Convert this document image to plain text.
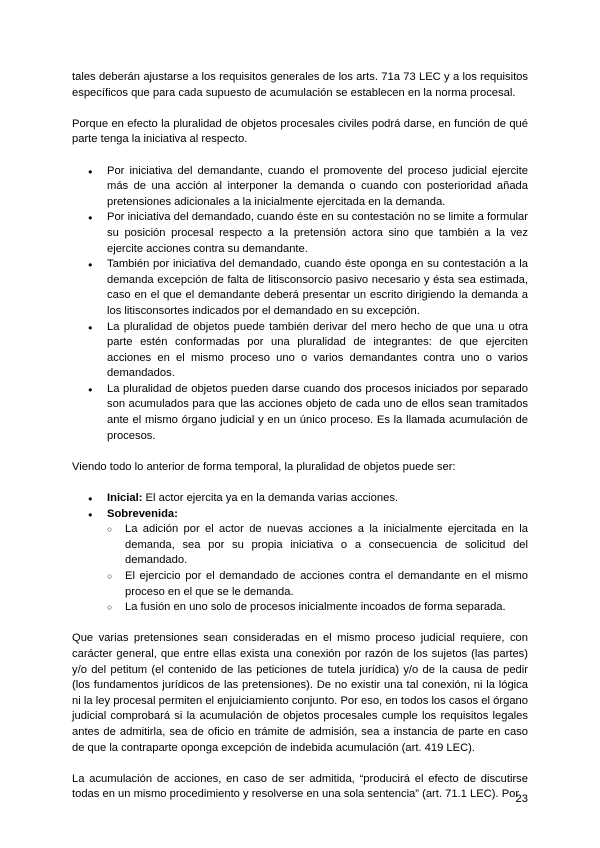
tales deberán ajustarse a los requisitos generales de los arts. 71a 73 LEC y a los requisitos específicos que para cada supuesto de acumulación se establecen en la norma procesal.

Porque en efecto la pluralidad de objetos procesales civiles podrá darse, en función de qué parte tenga la iniciativa al respecto.

● Por iniciativa del demandante, cuando el promovente del proceso judicial ejercite más de una acción al interponer la demanda o cuando con posterioridad añada pretensiones adicionales a la inicialmente ejercitada en la demanda.
● Por iniciativa del demandado, cuando éste en su contestación no se limite a formular su posición procesal respecto a la pretensión actora sino que también a la vez ejercite acciones contra su demandante.
● También por iniciativa del demandado, cuando éste oponga en su contestación a la demanda excepción de falta de litisconsorcio pasivo necesario y ésta sea estimada, caso en el que el demandante deberá presentar un escrito dirigiendo la demanda a los litisconsortes indicados por el demandado en su excepción.
● La pluralidad de objetos puede también derivar del mero hecho de que una u otra parte estén conformadas por una pluralidad de integrantes: de que ejerciten acciones en el mismo proceso uno o varios demandantes contra uno o varios demandados.
● La pluralidad de objetos pueden darse cuando dos procesos iniciados por separado son acumulados para que las acciones objeto de cada uno de ellos sean tramitados ante el mismo órgano judicial y en un único proceso. Es la llamada acumulación de procesos.

Viendo todo lo anterior de forma temporal, la pluralidad de objetos puede ser:

● Inicial: El actor ejercita ya en la demanda varias acciones.
● Sobrevenida:
○ La adición por el actor de nuevas acciones a la inicialmente ejercitada en la demanda, sea por su propia iniciativa o a consecuencia de solicitud del demandado.
○ El ejercicio por el demandado de acciones contra el demandante en el mismo proceso en el que se le demanda.
○ La fusión en uno solo de procesos inicialmente incoados de forma separada.

Que varias pretensiones sean consideradas en el mismo proceso judicial requiere, con carácter general, que entre ellas exista una conexión por razón de los sujetos (las partes) y/o del petitum (el contenido de las peticiones de tutela jurídica) y/o de la causa de pedir (los fundamentos jurídicos de las pretensiones). De no existir una tal conexión, ni la lógica ni la ley procesal permiten el enjuiciamiento conjunto. Por eso, en todos los casos el órgano judicial comprobará si la acumulación de objetos procesales cumple los requisitos legales antes de admitirla, sea de oficio en trámite de admisión, sea a instancia de parte en caso de que la contraparte oponga excepción de indebida acumulación (art. 419 LEC).

La acumulación de acciones, en caso de ser admitida, “producirá el efecto de discutirse todas en un mismo procedimiento y resolverse en una sola sentencia” (art. 71.1 LEC). Por

23
